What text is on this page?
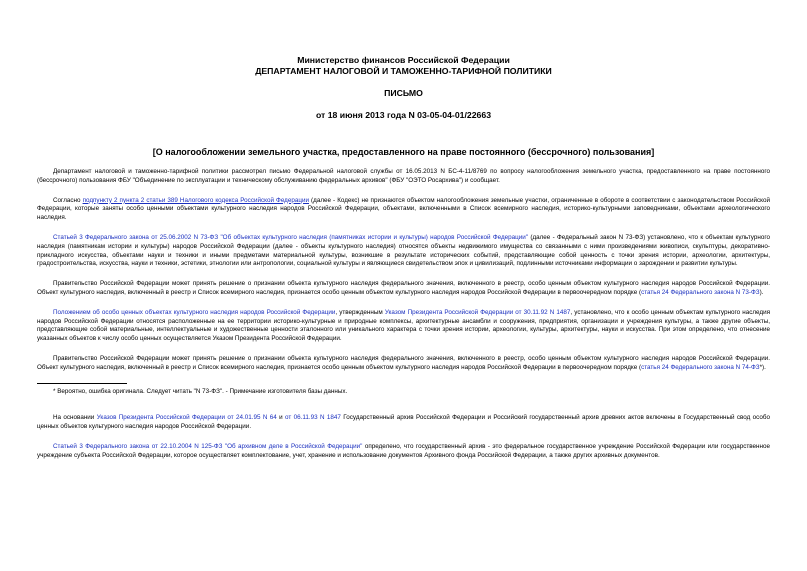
Министерство финансов Российской Федерации
ДЕПАРТАМЕНТ НАЛОГОВОЙ И ТАМОЖЕННО-ТАРИФНОЙ ПОЛИТИКИ
ПИСЬМО
от 18 июня 2013 года N 03-05-04-01/22663
[О налогообложении земельного участка, предоставленного на праве постоянного (бессрочного) пользования]
Департамент налоговой и таможенно-тарифной политики рассмотрел письмо Федеральной налоговой службы от 16.05.2013 N БС-4-11/8769 по вопросу налогообложения земельного участка, предоставленного на праве постоянного (бессрочного) пользования ФБУ "Объединение по эксплуатации и техническому обслуживанию федеральных архивов" (ФБУ "ОЭТО Росархива") и сообщает.
Согласно подпункту 2 пункта 2 статьи 389 Налогового кодекса Российской Федерации (далее - Кодекс) не признаются объектом налогообложения земельные участки, ограниченные в обороте в соответствии с законодательством Российской Федерации, которые заняты особо ценными объектами культурного наследия народов Российской Федерации, объектами, включенными в Список всемирного наследия, историко-культурными заповедниками, объектами археологического наследия.
Статьей 3 Федерального закона от 25.06.2002 N 73-ФЗ "Об объектах культурного наследия (памятниках истории и культуры) народов Российской Федерации" (далее - Федеральный закон N 73-ФЗ) установлено, что к объектам культурного наследия (памятникам истории и культуры) народов Российской Федерации (далее - объекты культурного наследия) относятся объекты недвижимого имущества со связанными с ними произведениями живописи, скульптуры, декоративно-прикладного искусства, объектами науки и техники и иными предметами материальной культуры, возникшие в результате исторических событий, представляющие собой ценность с точки зрения истории, археологии, архитектуры, градостроительства, искусства, науки и техники, эстетики, этнологии или антропологии, социальной культуры и являющиеся свидетельством эпох и цивилизаций, подлинными источниками информации о зарождении и развитии культуры.
Правительство Российской Федерации может принять решение о признании объекта культурного наследия федерального значения, включенного в реестр, особо ценным объектом культурного наследия народов Российской Федерации. Объект культурного наследия, включенный в реестр и Список всемирного наследия, признается особо ценным объектом культурного наследия народов Российской Федерации в первоочередном порядке (статья 24 Федерального закона N 73-ФЗ).
Положением об особо ценных объектах культурного наследия народов Российской Федерации, утвержденным Указом Президента Российской Федерации от 30.11.92 N 1487, установлено, что к особо ценным объектам культурного наследия народов Российской Федерации относятся расположенные на ее территории историко-культурные и природные комплексы, архитектурные ансамбли и сооружения, предприятия, организации и учреждения культуры, а также другие объекты, представляющие собой материальные, интеллектуальные и художественные ценности эталонного или уникального характера с точки зрения истории, археологии, культуры, архитектуры, науки и искусства. При этом определено, что отнесение указанных объектов к числу особо ценных осуществляется Указом Президента Российской Федерации.
Правительство Российской Федерации может принять решение о признании объекта культурного наследия федерального значения, включенного в реестр, особо ценным объектом культурного наследия народов Российской Федерации. Объект культурного наследия, включенный в реестр и Список всемирного наследия, признается особо ценным объектом культурного наследия народов Российской Федерации в первоочередном порядке (статья 24 Федерального закона N 74-ФЗ*).
* Вероятно, ошибка оригинала. Следует читать "N 73-ФЗ". - Примечание изготовителя базы данных.
На основании Указов Президента Российской Федерации от 24.01.95 N 64 и от 06.11.93 N 1847 Государственный архив Российской Федерации и Российский государственный архив древних актов включены в Государственный свод особо ценных объектов культурного наследия народов Российской Федерации.
Статьей 3 Федерального закона от 22.10.2004 N 125-ФЗ "Об архивном деле в Российской Федерации" определено, что государственный архив - это федеральное государственное учреждение Российской Федерации или государственное учреждение субъекта Российской Федерации, которое осуществляет комплектование, учет, хранение и использование документов Архивного фонда Российской Федерации, а также других архивных документов.
